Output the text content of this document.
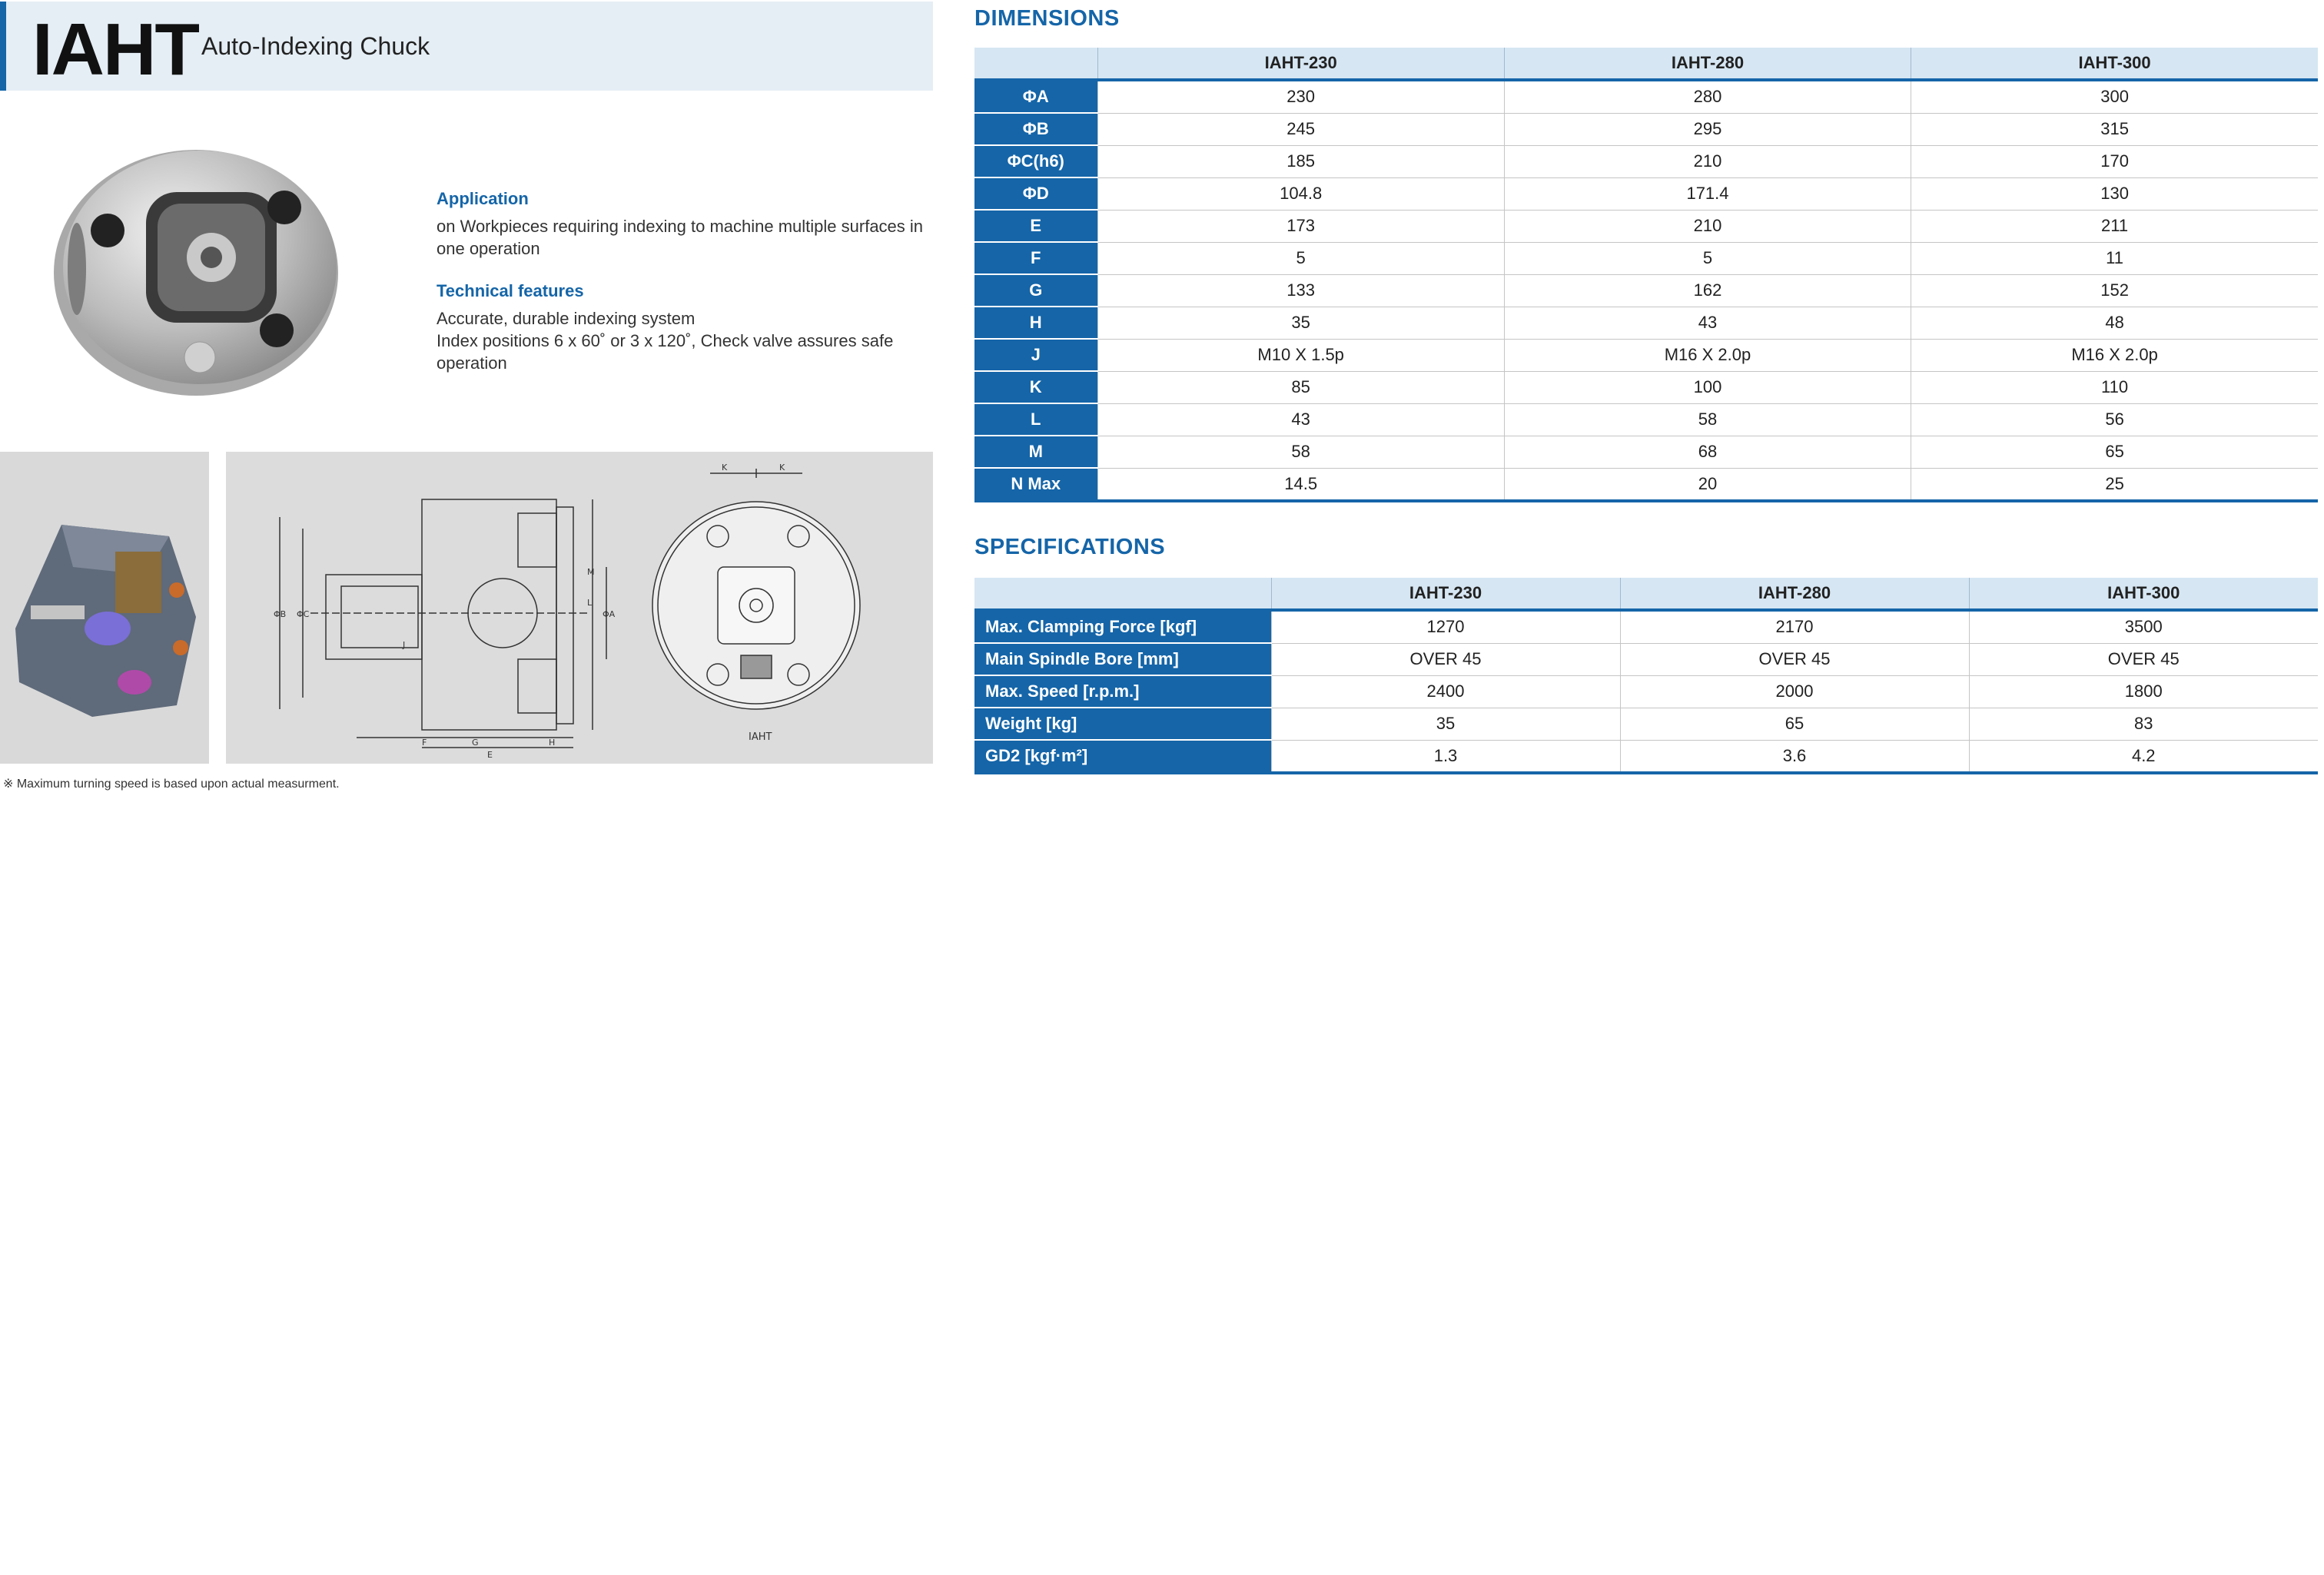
IAHT Auto-Indexing Chuck
Application

on Workpieces requiring indexing to machine multiple surfaces in one operation

Technical features

Accurate, durable indexing system

Index positions 6 x 60˚ or 3 x 120˚, Check valve assures safe operation

K	K
ΦB ΦC
J
M
L
ΦA
H
F	G
E
IAHT
※ Maximum turning speed is based upon actual measurment.
DIMENSIONS
	IAHT-230	IAHT-280	IAHT-300
ΦA	230	280	300
ΦB	245	295	315
ΦC(h6)	185	210	170
ΦD	104.8	171.4	130
E	173	210	211
F	5	5	11
G	133	162	152
H	35	43	48
J	M10 X 1.5p	M16 X 2.0p	M16 X 2.0p
K	85	100	110
L	43	58	56
M	58	68	65
N Max	14.5	20	25
SPECIFICATIONS
	IAHT-230	IAHT-280	IAHT-300
Max. Clamping Force [kgf]	1270	2170	3500
Main Spindle Bore [mm]	OVER 45	OVER 45	OVER 45
Max. Speed [r.p.m.]	2400	2000	1800
Weight [kg]	35	65	83
GD2 [kgf·m²]	1.3	3.6	4.2
